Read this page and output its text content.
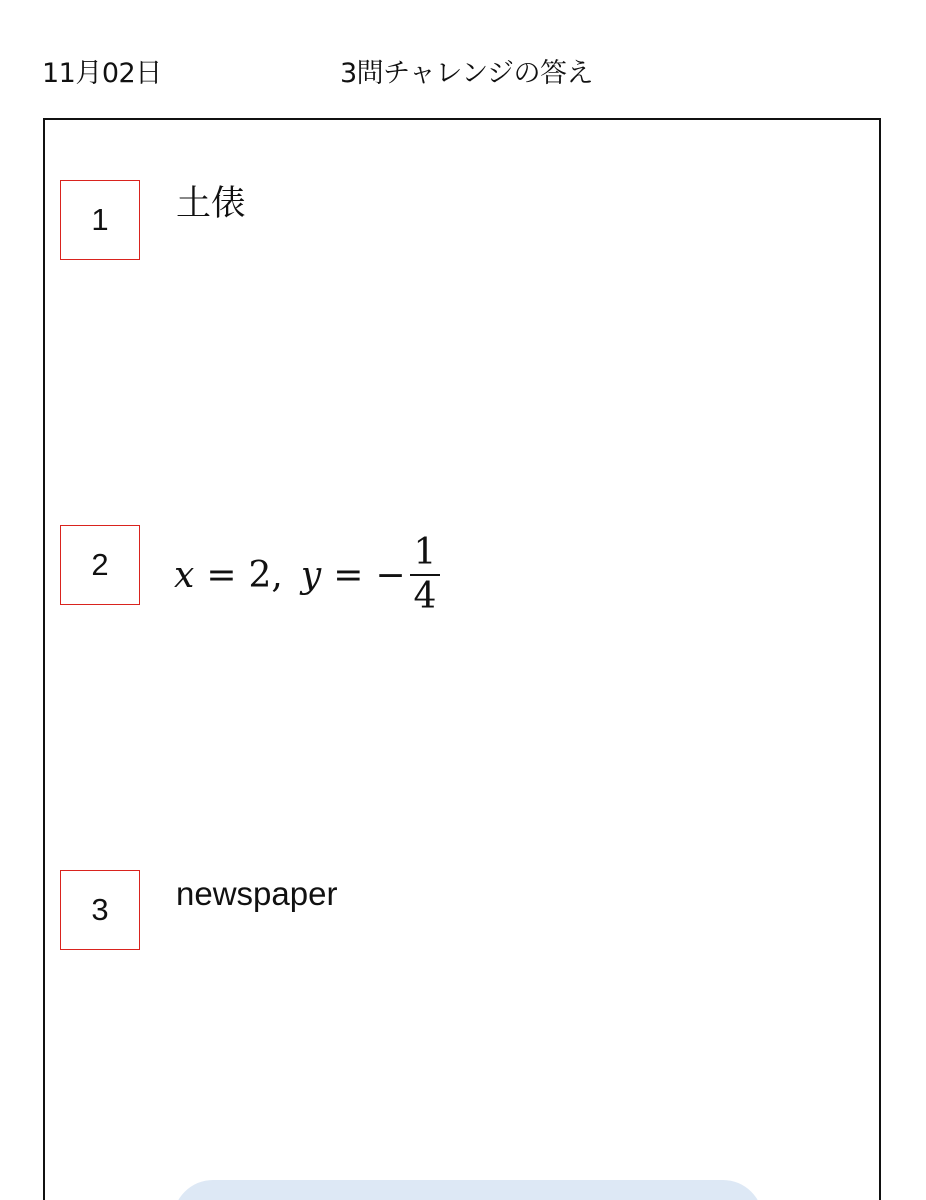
11月02日	3問チャレンジの答え
1	土俵
2	x = 2, y = − $\frac{1}{4}$
3	newspaper
